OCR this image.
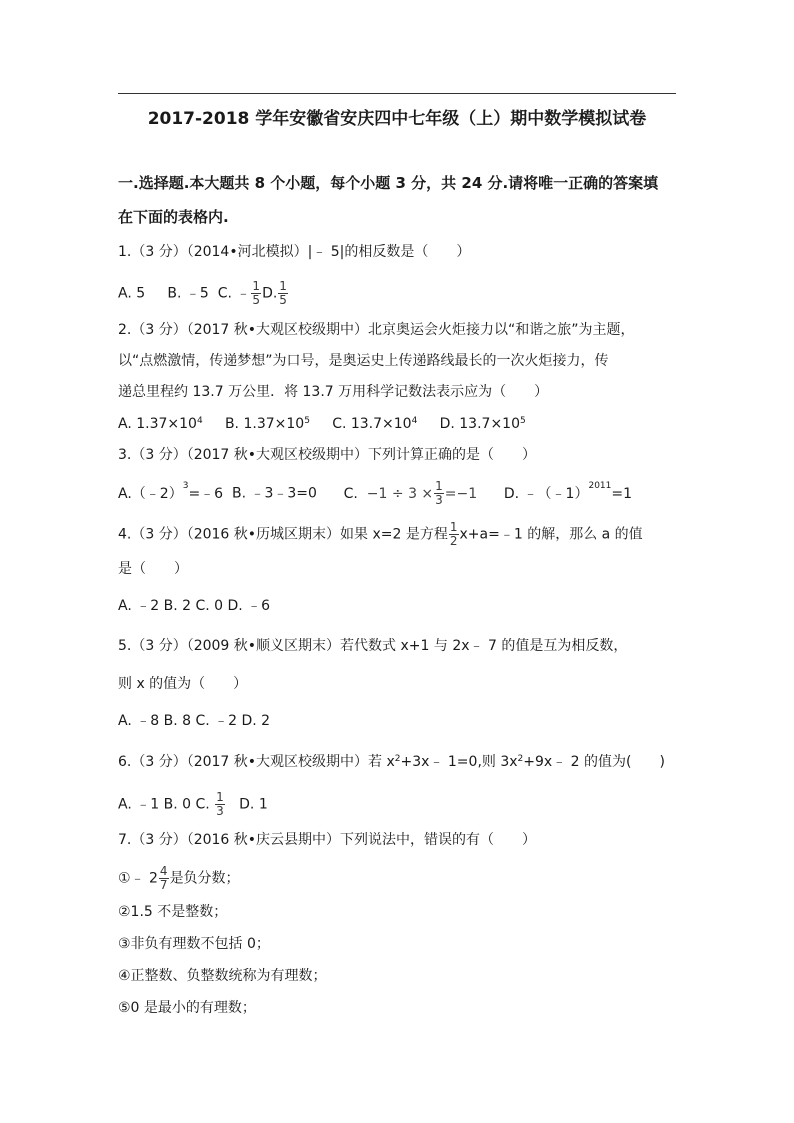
2017-2018 学年安徽省安庆四中七年级（上）期中数学模拟试卷
一.选择题.本大题共 8 个小题，每个小题 3 分，共 24 分.请将唯一正确的答案填
在下面的表格内.
1.（3 分）（2014•河北模拟）|﹣ 5|的相反数是（　　）
A. 5 B. ﹣5 C. ﹣ $\frac{1}{5} D$. $\frac{1}{5}$
2.（3 分）（2017 秋•大观区校级期中）北京奥运会火炬接力以“和谐之旅”为主题，
以“点燃激情，传递梦想”为口号，是奥运史上传递路线最长的一次火炬接力，传
递总里程约 13.7 万公里．将 13.7 万用科学记数法表示应为（　　）
A. $1.37\times 10^4$ B. $1.37\times 10^5$ C. $13.7\times 10^4$ D. $13.7\times 10^5$
3.（3 分）（2017 秋•大观区校级期中）下列计算正确的是（　　）
A.（﹣2）$^3$=﹣6 B. ﹣3﹣3=0 C. $-1 \div 3 \times \frac{1}{3} =-1$ D. ﹣（﹣1）$^{2011}$=1
4.（3 分）（2016 秋•历城区期末）如果 x=2 是方程 $\frac{1}{2}$ x+a=﹣1 的解，那么 a 的值
是（　　）
A. ﹣2 B. 2 C. 0 D. ﹣6
5.（3 分）（2009 秋•顺义区期末）若代数式 x+1 与 2x﹣ 7 的值是互为相反数，
则 x 的值为（　　）
A. ﹣8 B. 8 C. ﹣2 D. 2
6.（3 分）（2017 秋•大观区校级期中）若 $x^2+3x﹣$ 1=0,则 $3x^2+9x﹣$ 2 的值为(　　)
A. ﹣1 B. 0 C. $\frac{1}{3} D$. 1
7.（3 分）（2016 秋•庆云县期中）下列说法中，错误的有（　　）
①﹣ $2 \frac{4}{7}$ 是负分数；
②1.5 不是整数；
③非负有理数不包括 0；
④正整数、负整数统称为有理数；
⑤0 是最小的有理数；
